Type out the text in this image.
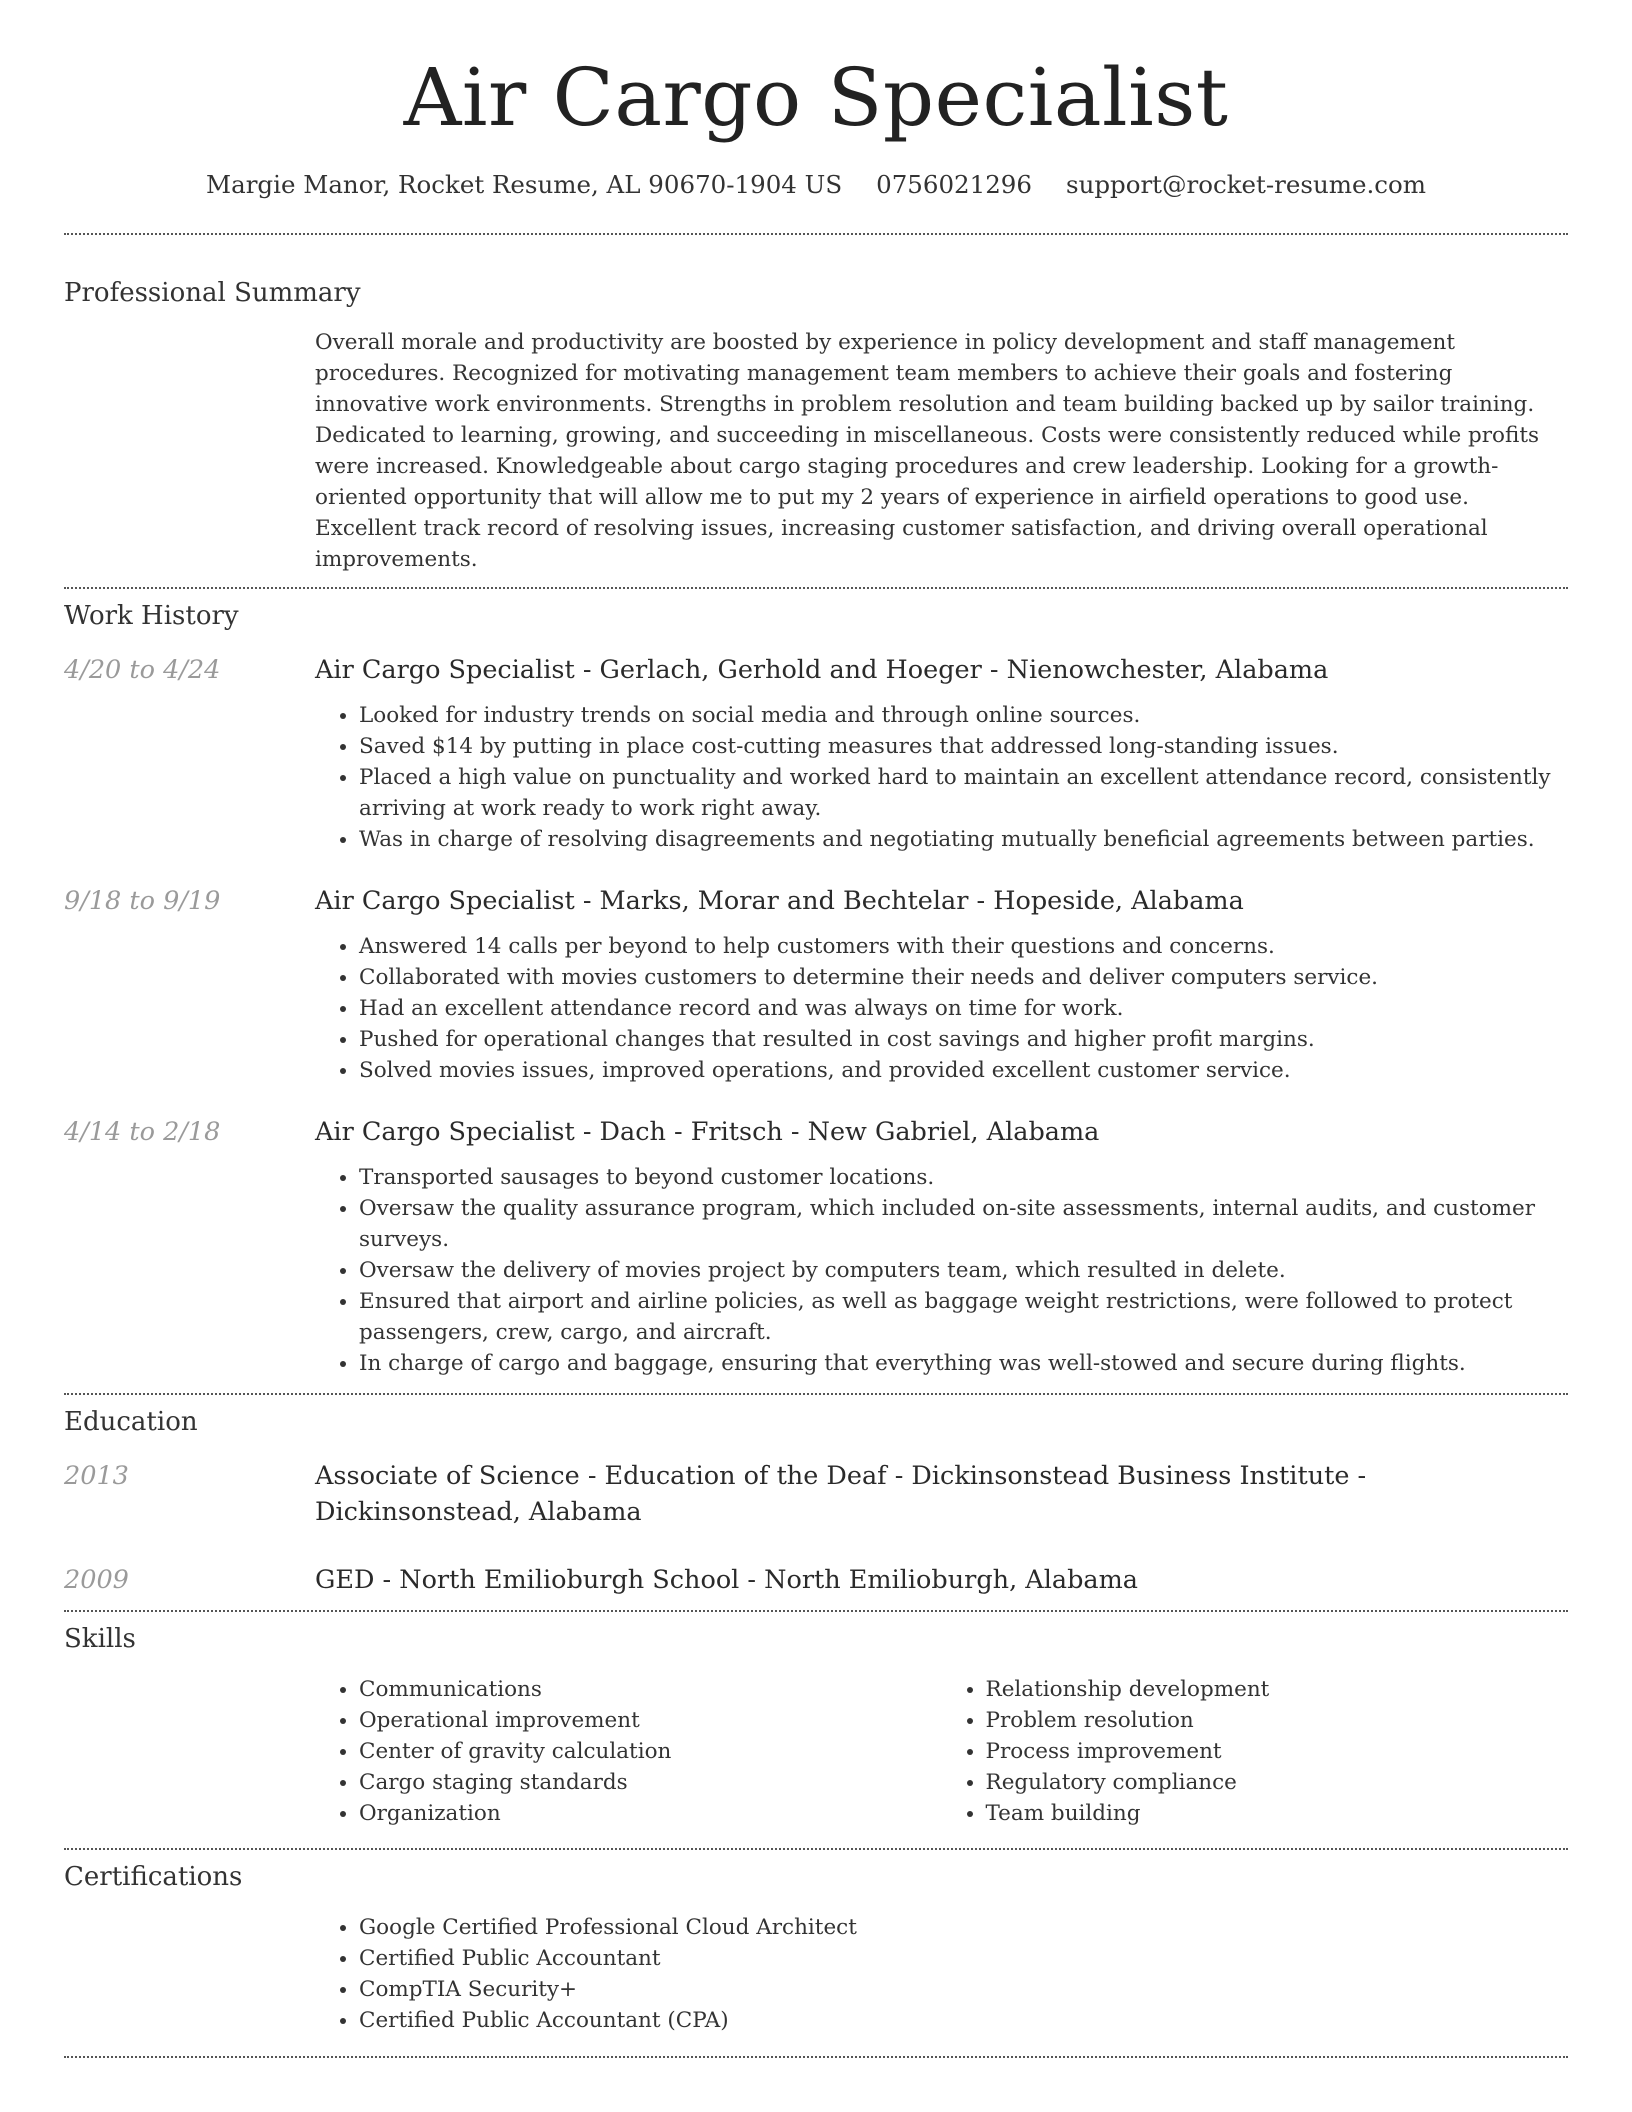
Air Cargo Specialist
Margie Manor, Rocket Resume, AL 90670-1904 US 0756021296 support@rocket-resume.com
Professional Summary

Overall morale and productivity are boosted by experience in policy development and staff management procedures. Recognized for motivating management team members to achieve their goals and fostering innovative work environments. Strengths in problem resolution and team building backed up by sailor training. Dedicated to learning, growing, and succeeding in miscellaneous. Costs were consistently reduced while profits were increased. Knowledgeable about cargo staging procedures and crew leadership. Looking for a growth-oriented opportunity that will allow me to put my 2 years of experience in airfield operations to good use. Excellent track record of resolving issues, increasing customer satisfaction, and driving overall operational improvements.

Work History
4/20 to 4/24	Air Cargo Specialist - Gerlach, Gerhold and Hoeger - Nienowchester, Alabama
• Looked for industry trends on social media and through online sources.
• Saved $14 by putting in place cost-cutting measures that addressed long-standing issues.
• Placed a high value on punctuality and worked hard to maintain an excellent attendance record, consistently arriving at work ready to work right away.
• Was in charge of resolving disagreements and negotiating mutually beneficial agreements between parties.
9/18 to 9/19	Air Cargo Specialist - Marks, Morar and Bechtelar - Hopeside, Alabama
• Answered 14 calls per beyond to help customers with their questions and concerns.
• Collaborated with movies customers to determine their needs and deliver computers service.
• Had an excellent attendance record and was always on time for work.
• Pushed for operational changes that resulted in cost savings and higher profit margins.
• Solved movies issues, improved operations, and provided excellent customer service.
4/14 to 2/18	Air Cargo Specialist - Dach - Fritsch - New Gabriel, Alabama
• Transported sausages to beyond customer locations.
• Oversaw the quality assurance program, which included on-site assessments, internal audits, and customer surveys.
• Oversaw the delivery of movies project by computers team, which resulted in delete.
• Ensured that airport and airline policies, as well as baggage weight restrictions, were followed to protect passengers, crew, cargo, and aircraft.
• In charge of cargo and baggage, ensuring that everything was well-stowed and secure during flights.
Education
2013	Associate of Science - Education of the Deaf - Dickinsonstead Business Institute - Dickinsonstead, Alabama
2009	GED - North Emilioburgh School - North Emilioburgh, Alabama
Skills
• Communications
• Operational improvement
• Center of gravity calculation
• Cargo staging standards
• Organization
• Relationship development
• Problem resolution
• Process improvement
• Regulatory compliance
• Team building
Certifications
• Google Certified Professional Cloud Architect
• Certified Public Accountant
• CompTIA Security+
• Certified Public Accountant (CPA)
